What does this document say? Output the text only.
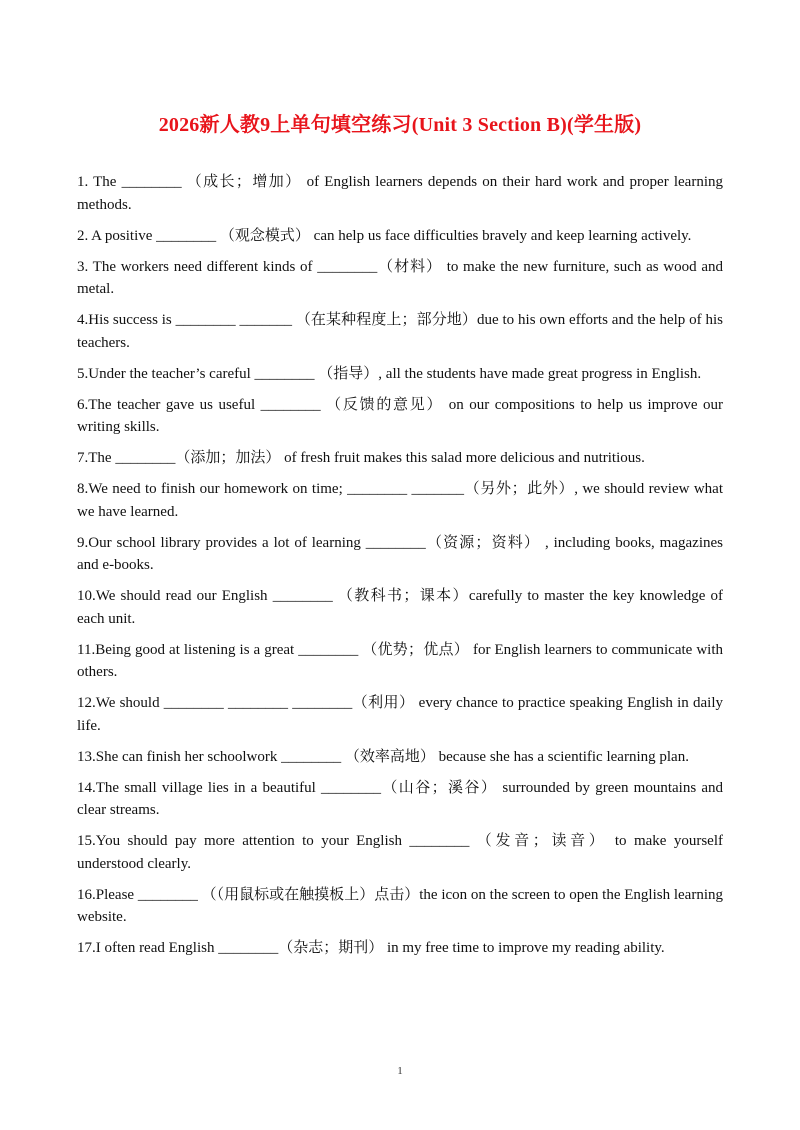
2026新人教9上单句填空练习(Unit 3 Section B)(学生版)

1. The ________ （成长；增加） of English learners depends on their hard work and proper learning methods.

2. A positive ________ （观念模式） can help us face difficulties bravely and keep learning actively.

3. The workers need different kinds of ________（材料） to make the new furniture, such as wood and metal.

4.His success is ________ _______ （在某种程度上；部分地）due to his own efforts and the help of his teachers.

5.Under the teacher’s careful ________ （指导）, all the students have made great progress in English.

6.The teacher gave us useful ________ （反馈的意见） on our compositions to help us improve our writing skills.

7.The ________（添加；加法） of fresh fruit makes this salad more delicious and nutritious.

8.We need to finish our homework on time; ________ _______（另外；此外）, we should review what we have learned.

9.Our school library provides a lot of learning ________（资源；资料） , including books, magazines and e-books.

10.We should read our English ________ （教科书；课本）carefully to master the key knowledge of each unit.

11.Being good at listening is a great ________ （优势；优点） for English learners to communicate with others.

12.We should ________ ________ ________（利用） every chance to practice speaking English in daily life.

13.She can finish her schoolwork ________ （效率高地） because she has a scientific learning plan.

14.The small village lies in a beautiful ________（山谷；溪谷） surrounded by green mountains and clear streams.

15.You should pay more attention to your English ________ （发音；读音） to make yourself understood clearly.

16.Please ________ （（用鼠标或在触摸板上）点击）the icon on the screen to open the English learning website.

17.I often read English ________（杂志；期刊） in my free time to improve my reading ability.

1
